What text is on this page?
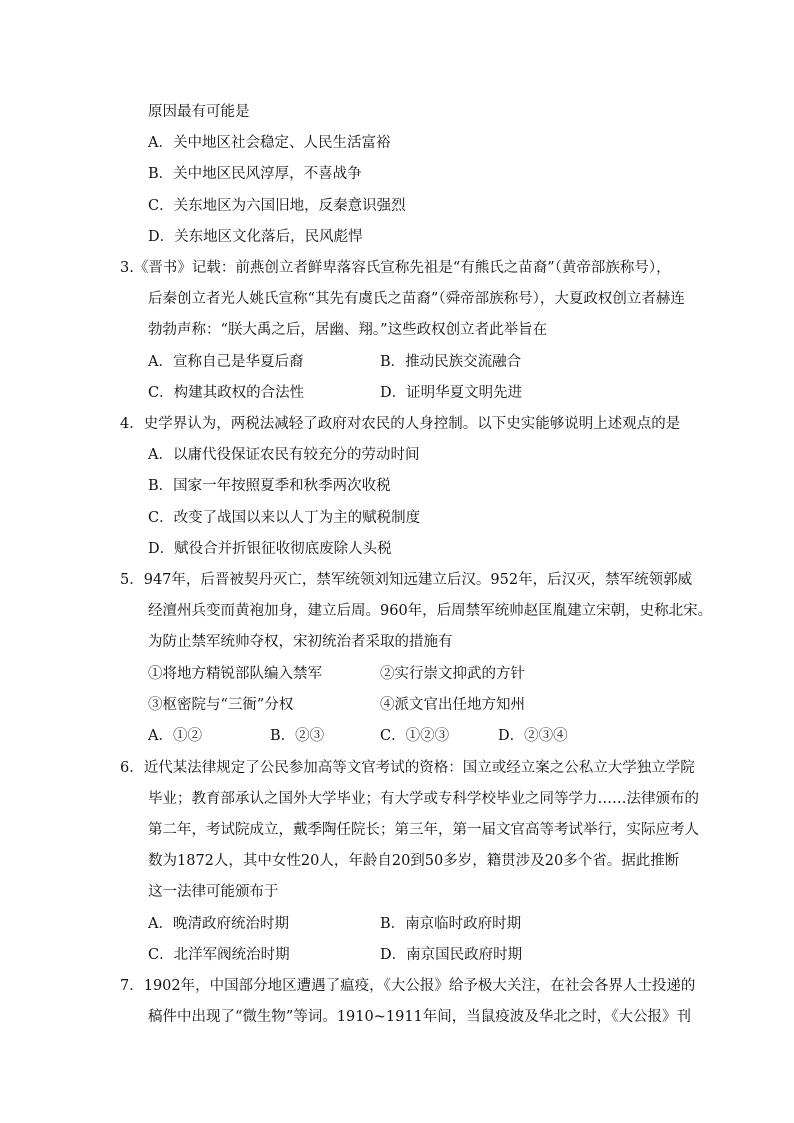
原因最有可能是
A．关中地区社会稳定、人民生活富裕
B．关中地区民风淳厚，不喜战争
C．关东地区为六国旧地，反秦意识强烈
D．关东地区文化落后，民风彪悍
3.《晋书》记载：前燕创立者鲜卑落容氏宣称先祖是“有熊氏之苗裔”（黄帝部族称号），
后秦创立者光人姚氏宣称“其先有虞氏之苗裔”（舜帝部族称号），大夏政权创立者赫连
勃勃声称：“朕大禹之后，居幽、翔。”这些政权创立者此举旨在
A．宣称自己是华夏后裔	B．推动民族交流融合
C．构建其政权的合法性	D．证明华夏文明先进
4．史学界认为，两税法减轻了政府对农民的人身控制。以下史实能够说明上述观点的是
A．以庸代役保证农民有较充分的劳动时间
B．国家一年按照夏季和秋季两次收税
C．改变了战国以来以人丁为主的赋税制度
D．赋役合并折银征收彻底废除人头税
5．947年，后晋被契丹灭亡，禁军统领刘知远建立后汉。952年，后汉灭，禁军统领郭威
经澶州兵变而黄袍加身，建立后周。960年，后周禁军统帅赵匡胤建立宋朝，史称北宋。
为防止禁军统帅夺权，宋初统治者采取的措施有
①将地方精锐部队编入禁军	②实行崇文抑武的方针
③枢密院与“三衙”分权	④派文官出任地方知州
A．①②	B．②③	C．①②③	D．②③④
6．近代某法律规定了公民参加高等文官考试的资格：国立或经立案之公私立大学独立学院
毕业；教育部承认之国外大学毕业；有大学或专科学校毕业之同等学力……法律颁布的
第二年，考试院成立，戴季陶任院长；第三年，第一届文官高等考试举行，实际应考人
数为1872人，其中女性20人，年龄自20到50多岁，籍贯涉及20多个省。据此推断
这一法律可能颁布于
A．晚清政府统治时期	B．南京临时政府时期
C．北洋军阀统治时期	D．南京国民政府时期
7．1902年，中国部分地区遭遇了瘟疫，《大公报》给予极大关注，在社会各界人士投递的
稿件中出现了“微生物”等词。1910~1911年间，当鼠疫波及华北之时，《大公报》刊
